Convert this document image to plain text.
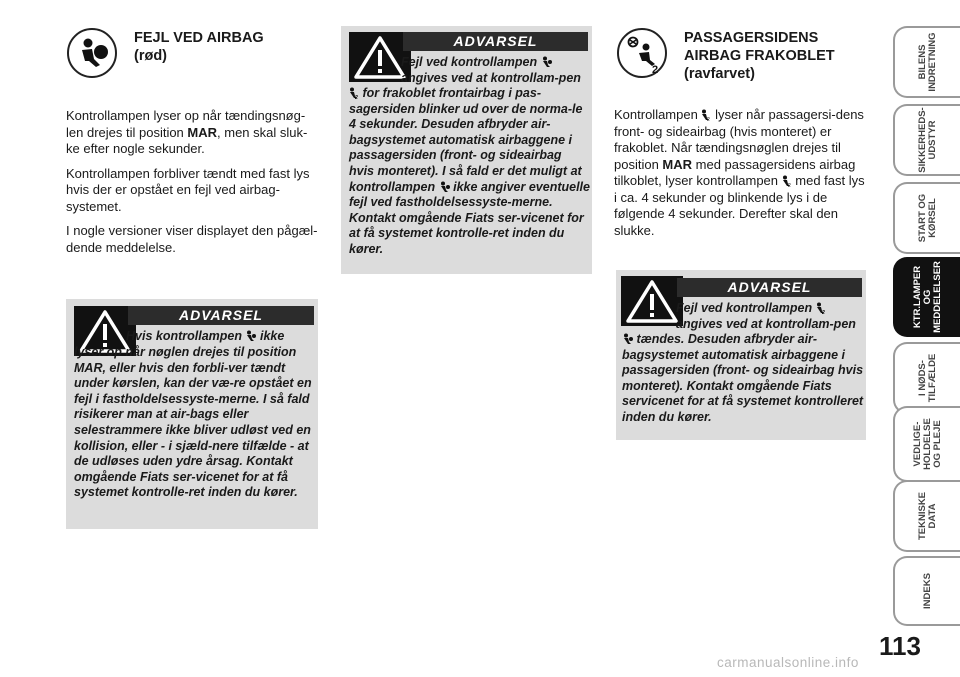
FEJL VED AIRBAG
(rød)

Kontrollampen lyser op når tændingsnøg-len drejes til position MAR, men skal sluk-ke efter nogle sekunder.

Kontrollampen forbliver tændt med fast lys hvis der er opstået en fejl ved airbag-systemet.

I nogle versioner viser displayet den pågæl-dende meddelelse.

ADVARSEL
Hvis kontrollampen ikke
lyser op når nøglen drejes til position MAR, eller hvis den forbli-ver tændt under kørslen, kan der væ-re opstået en fejl i fastholdelsessyste-merne. I så fald risikerer man at air-bags eller selestrammere ikke bliver udløst ved en kollision, eller - i sjæld-nere tilfælde - at de udløses uden ydre årsag. Kontakt omgående Fiats ser-vicenet for at få systemet kontrolle-ret inden du kører.
ADVARSEL
Fejl ved kontrollampen  angives ved at kontrollam-pen
2 for frakoblet frontairbag i pas-sagersiden blinker ud over de norma-le 4 sekunder. Desuden afbryder air-bagsystemet automatisk airbaggene i passagersiden (front- og sideairbag hvis monteret). I så fald er det muligt at kontrollampen ikke angiver eventuelle fejl ved fastholdelsessyste-merne. Kontakt omgående Fiats ser-vicenet for at få systemet kontrolle-ret inden du kører.
2
PASSAGERSIDENS
AIRBAG FRAKOBLET
(ravfarvet)

Kontrollampen 2 lyser når passagersi-dens front- og sideairbag (hvis monteret) er frakoblet. Når tændingsnøglen drejes til position MAR med passagersidens airbag tilkoblet, lyser kontrollampen 2 med fast lys i ca. 4 sekunder og blinkende lys i de følgende 4 sekunder. Derefter skal den slukke.

ADVARSEL
Fejl ved kontrollampen 2
angives ved at kontrollam-pen
tændes. Desuden afbryder air-bagsystemet automatisk airbaggene i passagersiden (front- og sideairbag hvis monteret). Kontakt omgående Fiats servicenet for at få systemet kontrolleret inden du kører.
BILENS
INDRETNING
SIKKERHEDS-
UDSTYR
START OG
KØRSEL
KTR.LAMPER
OG
MEDDELELSER
I NØDS-
TILFÆLDE
VEDLIGE-
HOLDELSE
OG PLEJE
TEKNISKE
DATA
INDEKS
113
carmanualsonline.info
